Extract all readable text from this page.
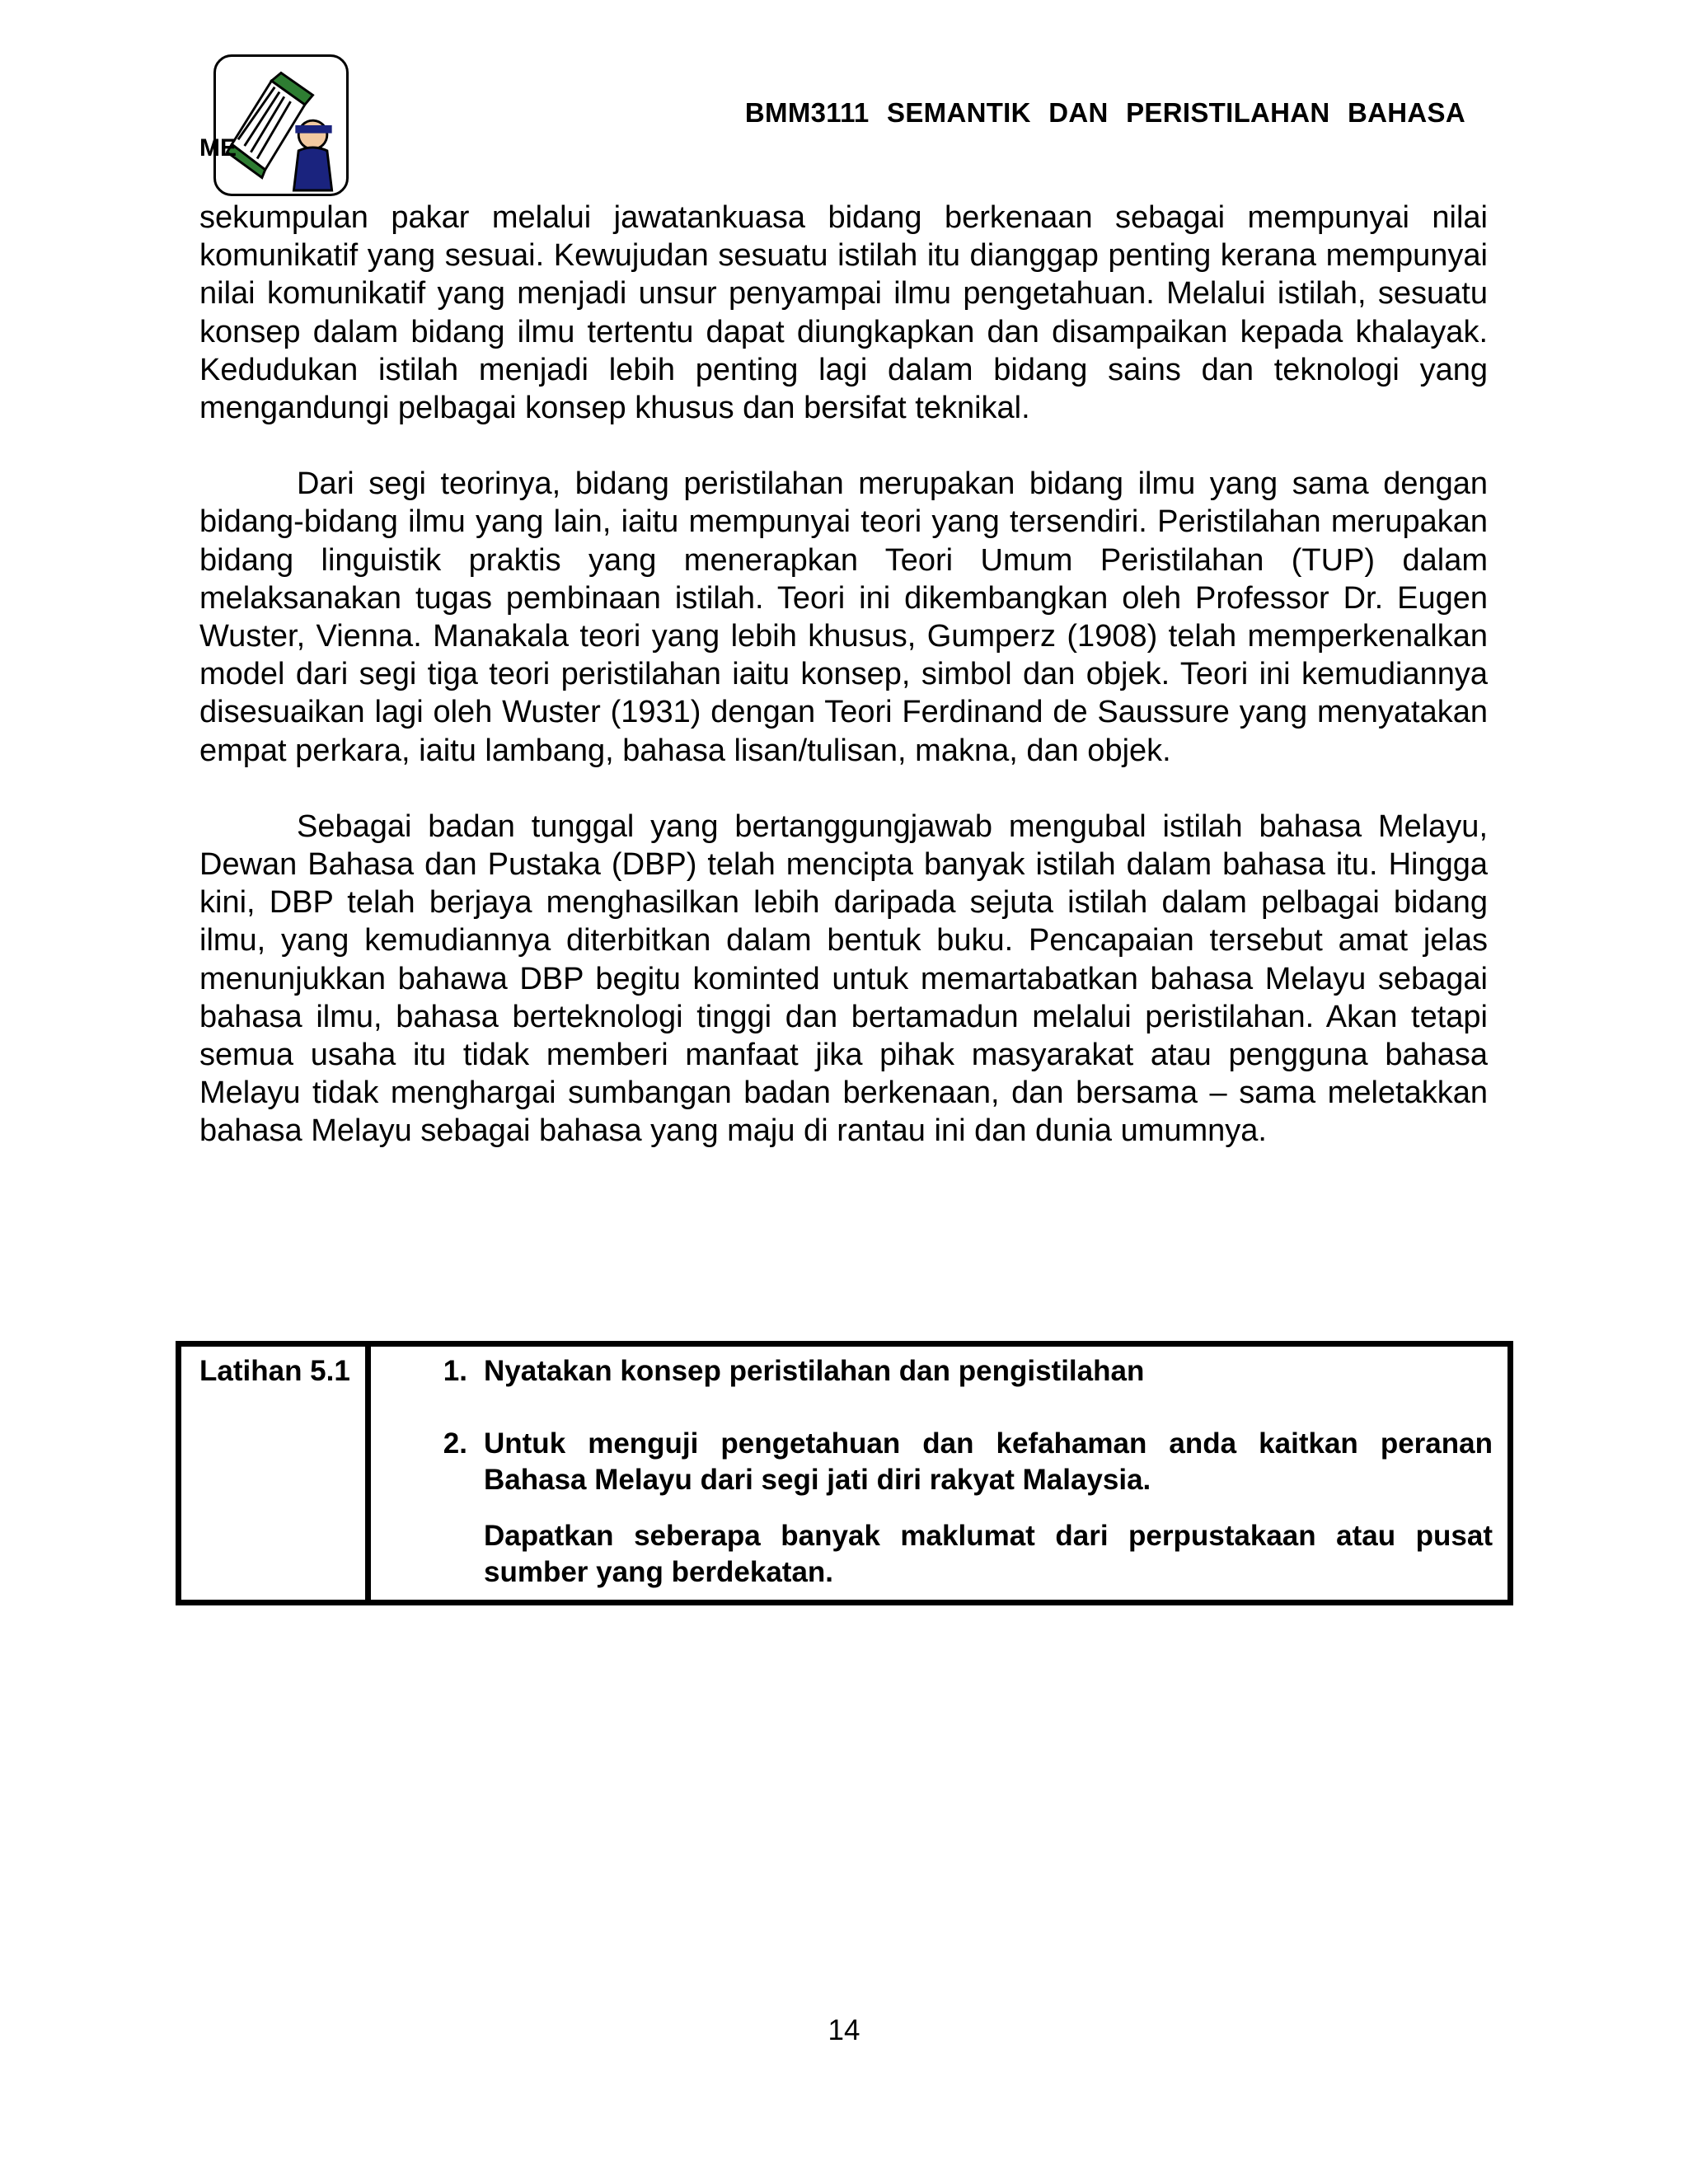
BMM3111 SEMANTIK DAN PERISTILAHAN BAHASA
ME

sekumpulan pakar melalui jawatankuasa bidang berkenaan sebagai mempunyai nilai komunikatif yang sesuai. Kewujudan sesuatu istilah itu dianggap penting kerana mempunyai nilai komunikatif yang menjadi unsur penyampai ilmu pengetahuan. Melalui istilah, sesuatu konsep dalam bidang ilmu tertentu dapat diungkapkan dan disampaikan kepada khalayak. Kedudukan istilah menjadi lebih penting lagi dalam bidang sains dan teknologi yang mengandungi pelbagai konsep khusus dan bersifat teknikal.

Dari segi teorinya, bidang peristilahan merupakan bidang ilmu yang sama dengan bidang-bidang ilmu yang lain, iaitu mempunyai teori yang tersendiri. Peristilahan merupakan bidang linguistik praktis yang menerapkan Teori Umum Peristilahan (TUP) dalam melaksanakan tugas pembinaan istilah. Teori ini dikembangkan oleh Professor Dr. Eugen Wuster, Vienna. Manakala teori yang lebih khusus, Gumperz (1908) telah memperkenalkan model dari segi tiga teori peristilahan iaitu konsep, simbol dan objek. Teori ini kemudiannya disesuaikan lagi oleh Wuster (1931) dengan Teori Ferdinand de Saussure yang menyatakan empat perkara, iaitu lambang, bahasa lisan/tulisan, makna, dan objek.

Sebagai badan tunggal yang bertanggungjawab mengubal istilah bahasa Melayu, Dewan Bahasa dan Pustaka (DBP) telah mencipta banyak istilah dalam bahasa itu. Hingga kini, DBP telah berjaya menghasilkan lebih daripada sejuta istilah dalam pelbagai bidang ilmu, yang kemudiannya diterbitkan dalam bentuk buku. Pencapaian tersebut amat jelas menunjukkan bahawa DBP begitu kominted untuk memartabatkan bahasa Melayu sebagai bahasa ilmu, bahasa berteknologi tinggi dan bertamadun melalui peristilahan. Akan tetapi semua usaha itu tidak memberi manfaat jika pihak masyarakat atau pengguna bahasa Melayu tidak menghargai sumbangan badan berkenaan, dan bersama – sama meletakkan bahasa Melayu sebagai bahasa yang maju di rantau ini dan dunia umumnya.

Latihan 5.1	1. Nyatakan konsep peristilahan dan pengistilahan
2. Untuk menguji pengetahuan dan kefahaman anda kaitkan peranan Bahasa Melayu dari segi jati diri rakyat Malaysia.
Dapatkan seberapa banyak maklumat dari perpustakaan atau pusat sumber yang berdekatan.
14
